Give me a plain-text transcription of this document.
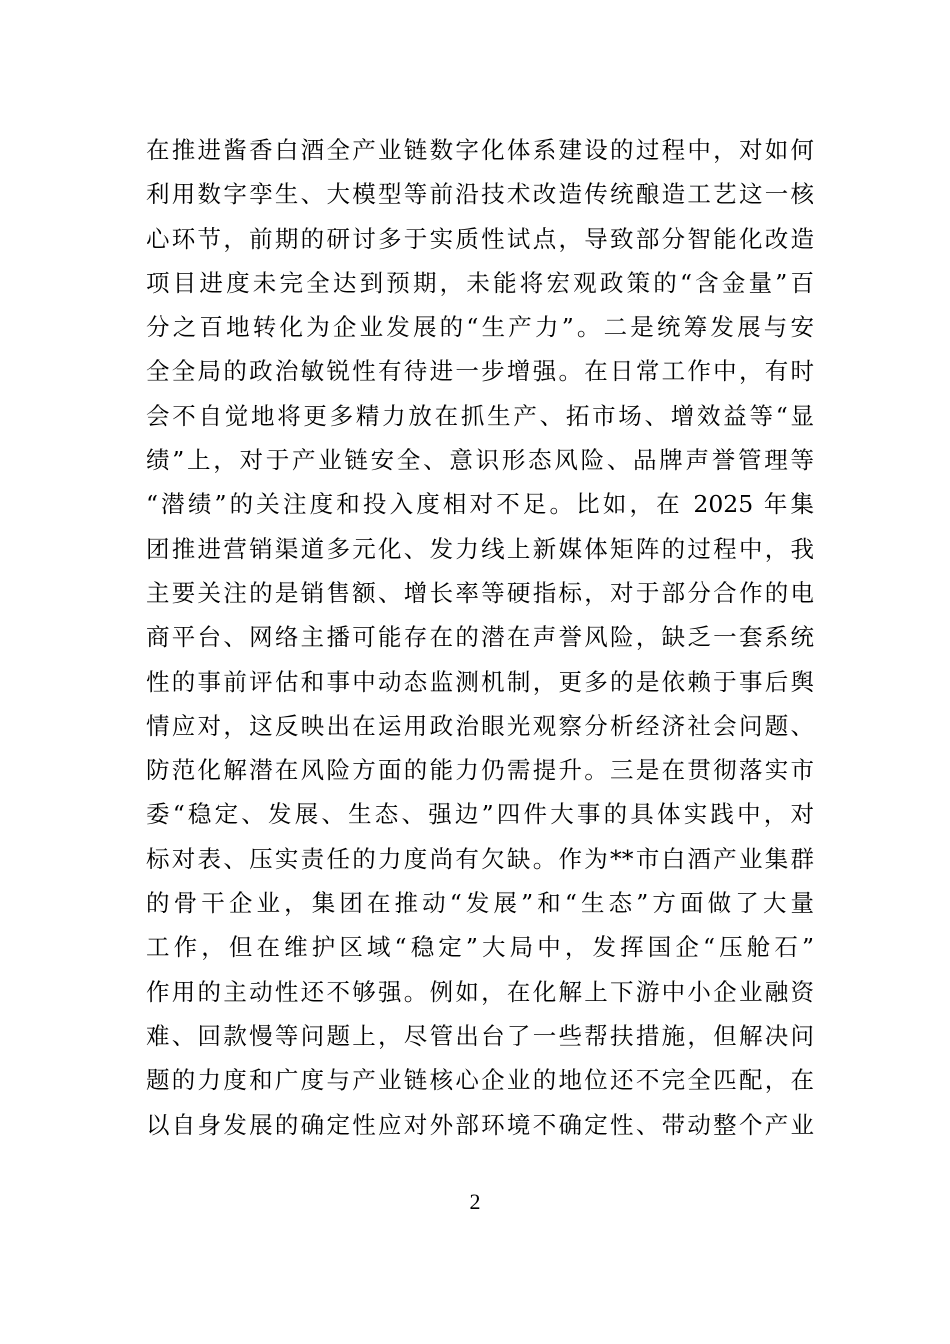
在推进酱香白酒全产业链数字化体系建设的过程中，对如何
利用数字孪生、大模型等前沿技术改造传统酿造工艺这一核
心环节，前期的研讨多于实质性试点，导致部分智能化改造
项目进度未完全达到预期，未能将宏观政策的“含金量”百
分之百地转化为企业发展的“生产力”。二是统筹发展与安
全全局的政治敏锐性有待进一步增强。在日常工作中，有时
会不自觉地将更多精力放在抓生产、拓市场、增效益等“显
绩”上，对于产业链安全、意识形态风险、品牌声誉管理等
“潜绩”的关注度和投入度相对不足。比如，在 2025 年集
团推进营销渠道多元化、发力线上新媒体矩阵的过程中，我
主要关注的是销售额、增长率等硬指标，对于部分合作的电
商平台、网络主播可能存在的潜在声誉风险，缺乏一套系统
性的事前评估和事中动态监测机制，更多的是依赖于事后舆
情应对，这反映出在运用政治眼光观察分析经济社会问题、
防范化解潜在风险方面的能力仍需提升。三是在贯彻落实市
委“稳定、发展、生态、强边”四件大事的具体实践中，对
标对表、压实责任的力度尚有欠缺。作为**市白酒产业集群
的骨干企业，集团在推动“发展”和“生态”方面做了大量
工作，但在维护区域“稳定”大局中，发挥国企“压舱石”
作用的主动性还不够强。例如，在化解上下游中小企业融资
难、回款慢等问题上，尽管出台了一些帮扶措施，但解决问
题的力度和广度与产业链核心企业的地位还不完全匹配，在
以自身发展的确定性应对外部环境不确定性、带动整个产业
2
